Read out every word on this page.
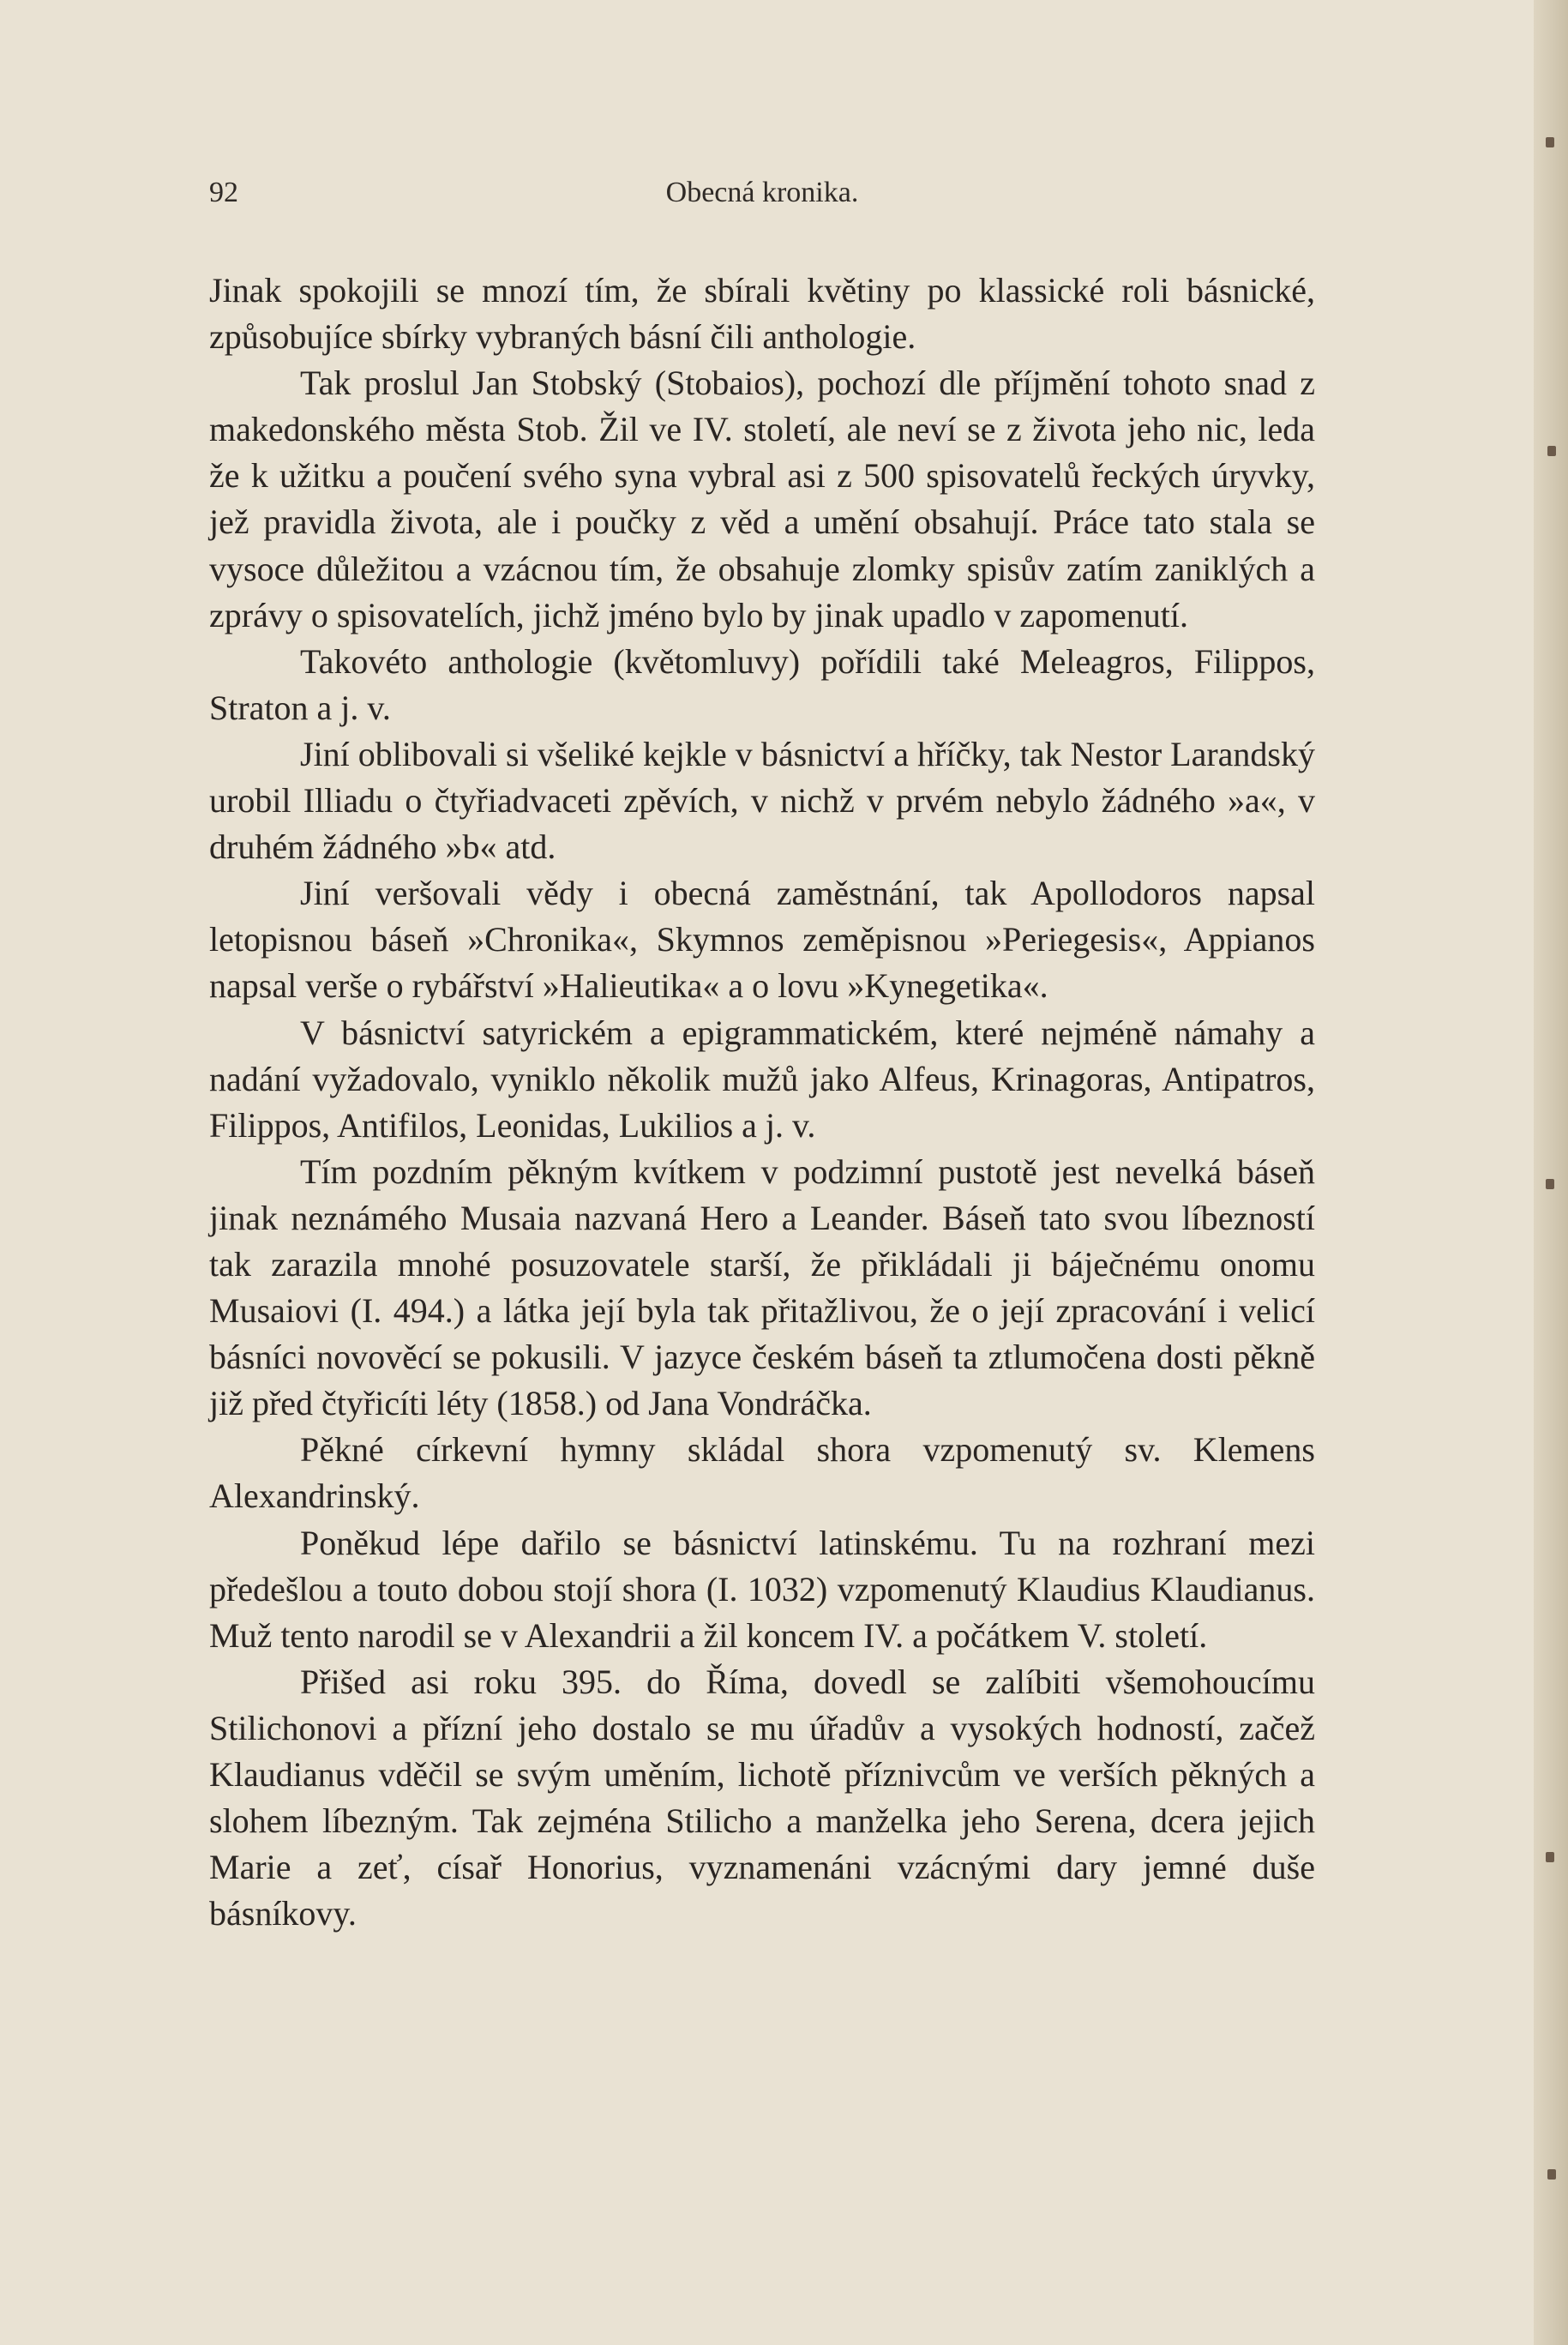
92	Obecná kronika.

Jinak spokojili se mnozí tím, že sbírali květiny po klassické roli básnické, způsobujíce sbírky vybraných básní čili anthologie.

Tak proslul Jan Stobský (Stobaios), pochozí dle příjmění tohoto snad z makedonského města Stob. Žil ve IV. století, ale neví se z života jeho nic, leda že k užitku a poučení svého syna vybral asi z 500 spisovatelů řeckých úryvky, jež pravidla života, ale i poučky z věd a umění obsahují. Práce tato stala se vysoce důležitou a vzácnou tím, že obsahuje zlomky spisův zatím zaniklých a zprávy o spisovatelích, jichž jméno bylo by jinak upadlo v zapomenutí.

Takovéto anthologie (květomluvy) pořídili také Meleagros, Filippos, Straton a j. v.

Jiní oblibovali si všeliké kejkle v básnictví a hříčky, tak Nestor Larandský urobil Illiadu o čtyřiadvaceti zpěvích, v nichž v prvém nebylo žádného »a«, v druhém žádného »b« atd.

Jiní veršovali vědy i obecná zaměstnání, tak Apollodoros napsal letopisnou báseň »Chronika«, Skymnos zeměpisnou »Periegesis«, Appianos napsal verše o rybářství »Halieutika« a o lovu »Kynegetika«.

V básnictví satyrickém a epigrammatickém, které nejméně námahy a nadání vyžadovalo, vyniklo několik mužů jako Alfeus, Krinagoras, Antipatros, Filippos, Antifilos, Leonidas, Lukilios a j. v.

Tím pozdním pěkným kvítkem v podzimní pustotě jest nevelká báseň jinak neznámého Musaia nazvaná Hero a Leander. Báseň tato svou líbezností tak zarazila mnohé posuzovatele starší, že přikládali ji báječnému onomu Musaiovi (I. 494.) a látka její byla tak přitažlivou, že o její zpracování i velicí básníci novověcí se pokusili. V jazyce českém báseň ta ztlumočena dosti pěkně již před čtyřicíti léty (1858.) od Jana Vondráčka.

Pěkné církevní hymny skládal shora vzpomenutý sv. Klemens Alexandrinský.

Poněkud lépe dařilo se básnictví latinskému. Tu na rozhraní mezi předešlou a touto dobou stojí shora (I. 1032) vzpomenutý Klaudius Klaudianus. Muž tento narodil se v Alexandrii a žil koncem IV. a počátkem V. století.

Přišed asi roku 395. do Říma, dovedl se zalíbiti všemohoucímu Stilichonovi a přízní jeho dostalo se mu úřadův a vysokých hodností, začež Klaudianus vděčil se svým uměním, lichotě příznivcům ve verších pěkných a slohem líbezným. Tak zejména Stilicho a manželka jeho Serena, dcera jejich Marie a zeť, císař Honorius, vyznamenáni vzácnými dary jemné duše básníkovy.
